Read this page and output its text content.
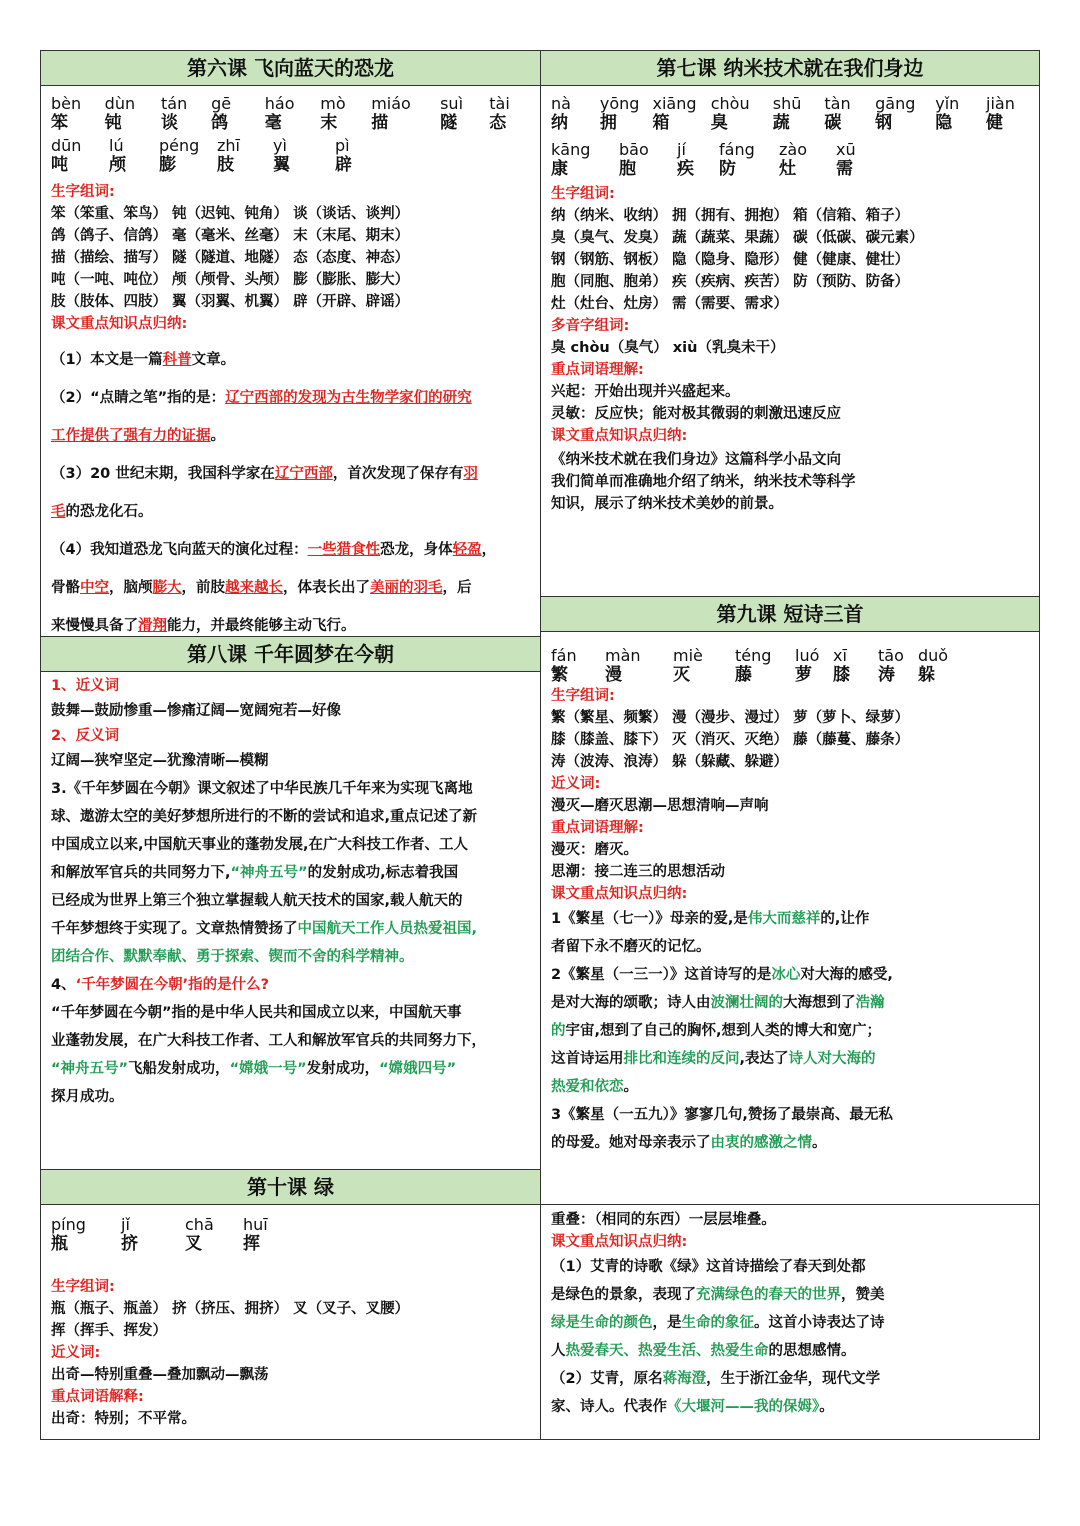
第六课 飞向蓝天的恐龙
bèn
笨
dùn
钝
tán
谈
gē
鸽
háo
毫
mò
末
miáo
描
suì
隧
tài
态
dūn
吨
lú
颅
péng
膨
zhī
肢
yì
翼
pì
辟
生字组词:
笨（笨重、笨鸟） 钝（迟钝、钝角） 谈（谈话、谈判）
鸽（鸽子、信鸽） 毫（毫米、丝毫） 末（末尾、期末）
描（描绘、描写） 隧（隧道、地隧） 态（态度、神态）
吨（一吨、吨位） 颅（颅骨、头颅） 膨（膨胀、膨大）
肢（肢体、四肢） 翼（羽翼、机翼） 辟（开辟、辟谣）
课文重点知识点归纳:
（1）本文是一篇科普文章。
（2）“点睛之笔”指的是：辽宁西部的发现为古生物学家们的研究
工作提供了强有力的证据。
（3）20 世纪末期，我国科学家在辽宁西部，首次发现了保存有羽
毛的恐龙化石。
（4）我知道恐龙飞向蓝天的演化过程：一些猎食性恐龙，身体轻盈，
骨骼中空，脑颅膨大，前肢越来越长，体表长出了美丽的羽毛，后
来慢慢具备了滑翔能力，并最终能够主动飞行。
第七课 纳米技术就在我们身边
nà
纳
yōng
拥
xiāng
箱
chòu
臭
shū
蔬
tàn
碳
gāng
钢
yǐn
隐
jiàn
健
kāng
康
bāo
胞
jí
疾
fáng
防
zào
灶
xū
需
生字组词:
纳（纳米、收纳） 拥（拥有、拥抱） 箱（信箱、箱子）
臭（臭气、发臭） 蔬（蔬菜、果蔬） 碳（低碳、碳元素）
钢（钢筋、钢板） 隐（隐身、隐形） 健（健康、健壮）
胞（同胞、胞弟） 疾（疾病、疾苦） 防（预防、防备）
灶（灶台、灶房） 需（需要、需求）
多音字组词:
臭 chòu（臭气） xiù（乳臭未干）
重点词语理解:
兴起：开始出现并兴盛起来。
灵敏：反应快；能对极其微弱的刺激迅速反应
课文重点知识点归纳:
《纳米技术就在我们身边》这篇科学小品文向
我们简单而准确地介绍了纳米，纳米技术等科学
知识，展示了纳米技术美妙的前景。
第八课 千年圆梦在今朝
1、近义词
鼓舞—鼓励惨重—惨痛辽阔—宽阔宛若—好像
2、反义词
辽阔—狭窄坚定—犹豫清晰—模糊
3.《千年梦圆在今朝》课文叙述了中华民族几千年来为实现飞离地
球、遨游太空的美好梦想所进行的不断的尝试和追求,重点记述了新
中国成立以来,中国航天事业的蓬勃发展,在广大科技工作者、工人
和解放军官兵的共同努力下,“神舟五号”的发射成功,标志着我国
已经成为世界上第三个独立掌握载人航天技术的国家,载人航天的
千年梦想终于实现了。文章热情赞扬了中国航天工作人员热爱祖国,
团结合作、默默奉献、勇于探索、锲而不舍的科学精神。
4、‘千年梦圆在今朝’指的是什么?
“千年梦圆在今朝”指的是中华人民共和国成立以来，中国航天事
业蓬勃发展，在广大科技工作者、工人和解放军官兵的共同努力下，
“神舟五号”飞船发射成功，“嫦娥一号”发射成功，“嫦娥四号”
探月成功。
第九课 短诗三首
fán
繁
màn
漫
miè
灭
téng
藤
luó
萝
xī
膝
tāo
涛
duǒ
躲
生字组词:
繁（繁星、频繁） 漫（漫步、漫过） 萝（萝卜、绿萝）
膝（膝盖、膝下） 灭（消灭、灭绝） 藤（藤蔓、藤条）
涛（波涛、浪涛） 躲（躲藏、躲避）
近义词:
漫灭—磨灭思潮—思想清响—声响
重点词语理解:
漫灭：磨灭。
思潮：接二连三的思想活动
课文重点知识点归纳:
1《繁星（七一）》母亲的爱,是伟大而慈祥的,让作
者留下永不磨灭的记忆。
2《繁星（一三一）》这首诗写的是冰心对大海的感受,
是对大海的颂歌；诗人由波澜壮阔的大海想到了浩瀚
的宇宙,想到了自己的胸怀,想到人类的博大和宽广；
这首诗运用排比和连续的反问,表达了诗人对大海的
热爱和依恋。
3《繁星（一五九）》寥寥几句,赞扬了最崇高、最无私
的母爱。她对母亲表示了由衷的感激之情。
第十课 绿
píng
瓶
jǐ
挤
chā
叉
huī
挥
生字组词:
瓶（瓶子、瓶盖） 挤（挤压、拥挤） 叉（叉子、叉腰）
挥（挥手、挥发）
近义词:
出奇—特别重叠—叠加飘动—飘荡
重点词语解释:
出奇：特别；不平常。
重叠：（相同的东西）一层层堆叠。
课文重点知识点归纳:
（1）艾青的诗歌《绿》这首诗描绘了春天到处都
是绿色的景象，表现了充满绿色的春天的世界，赞美
绿是生命的颜色，是生命的象征。这首小诗表达了诗
人热爱春天、热爱生活、热爱生命的思想感情。
（2）艾青，原名蒋海澄，生于浙江金华，现代文学
家、诗人。代表作《大堰河——我的保姆》。
